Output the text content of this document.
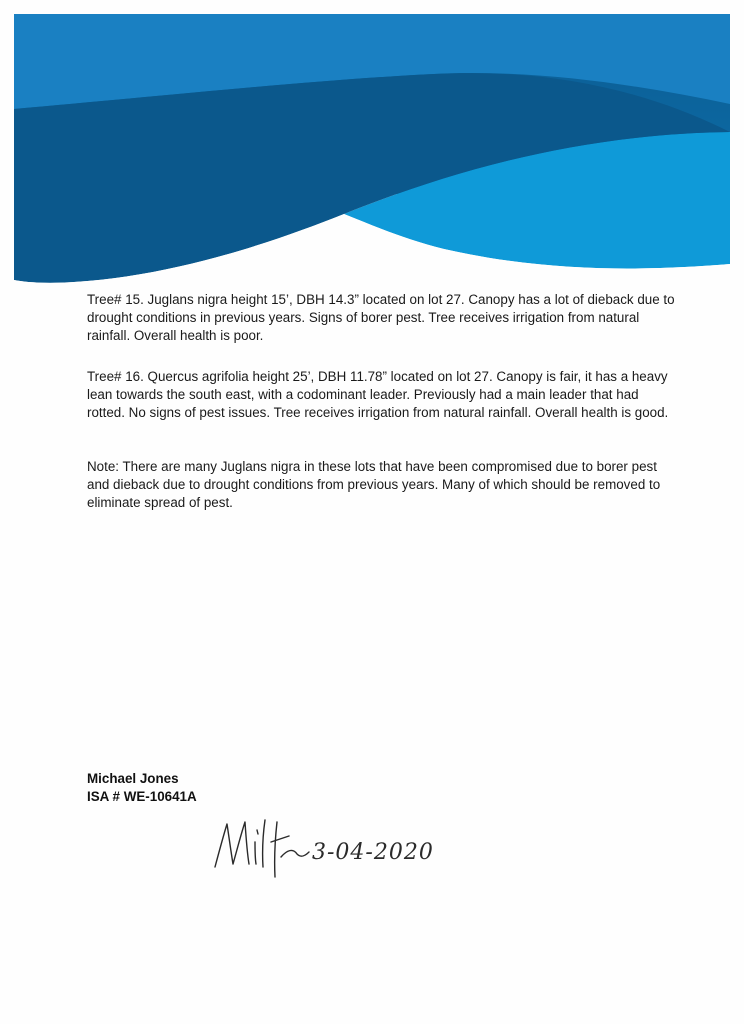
Tree# 15. Juglans nigra height 15’, DBH 14.3” located on lot 27. Canopy has a lot of dieback due to drought conditions in previous years. Signs of borer pest. Tree receives irrigation from natural rainfall. Overall health is poor.

Tree# 16. Quercus agrifolia height 25’, DBH 11.78” located on lot 27. Canopy is fair, it has a heavy lean towards the south east, with a codominant leader. Previously had a main leader that had rotted. No signs of pest issues. Tree receives irrigation from natural rainfall. Overall health is good.

Note: There are many Juglans nigra in these lots that have been compromised due to borer pest and dieback due to drought conditions from previous years. Many of which should be removed to eliminate spread of pest.

Michael Jones
ISA # WE-10641A
3-04-2020
